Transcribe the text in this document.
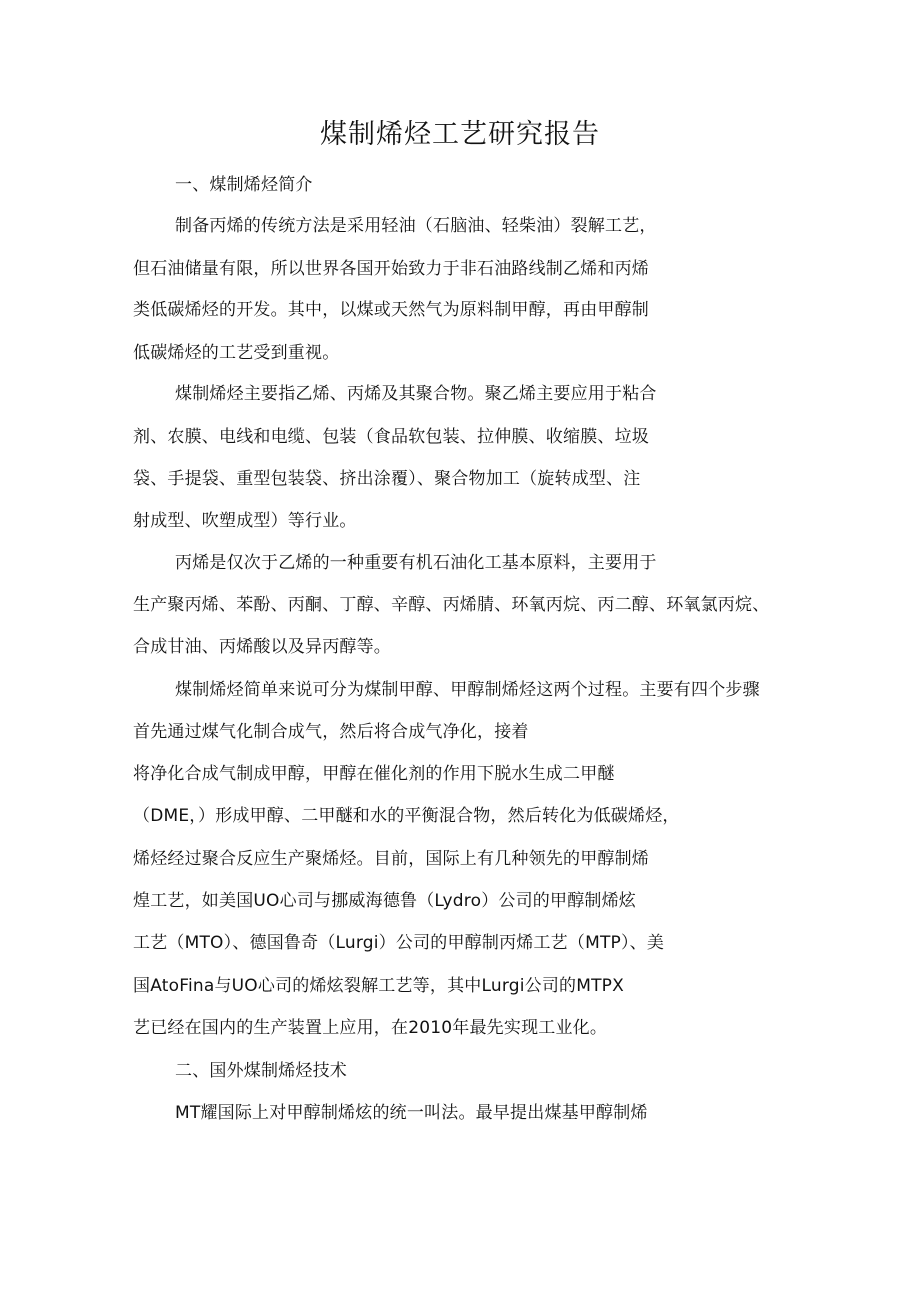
煤制烯烃工艺研究报告
一、煤制烯烃简介
制备丙烯的传统方法是采用轻油（石脑油、轻柴油）裂解工艺，
但石油储量有限，所以世界各国开始致力于非石油路线制乙烯和丙烯
类低碳烯烃的开发。其中，以煤或天然气为原料制甲醇，再由甲醇制
低碳烯烃的工艺受到重视。
煤制烯烃主要指乙烯、丙烯及其聚合物。聚乙烯主要应用于粘合
剂、农膜、电线和电缆、包装（食品软包装、拉伸膜、收缩膜、垃圾
袋、手提袋、重型包装袋、挤出涂覆）、聚合物加工（旋转成型、注
射成型、吹塑成型）等行业。
丙烯是仅次于乙烯的一种重要有机石油化工基本原料，主要用于
生产聚丙烯、苯酚、丙酮、丁醇、辛醇、丙烯腈、环氧丙烷、丙二醇、环氧氯丙烷、
合成甘油、丙烯酸以及异丙醇等。
煤制烯烃简单来说可分为煤制甲醇、甲醇制烯烃这两个过程。主要有四个步骤
首先通过煤气化制合成气，然后将合成气净化，接着
将净化合成气制成甲醇，甲醇在催化剂的作用下脱水生成二甲醚
（DME，）形成甲醇、二甲醚和水的平衡混合物，然后转化为低碳烯烃，
烯烃经过聚合反应生产聚烯烃。目前，国际上有几种领先的甲醇制烯
煌工艺，如美国UO心司与挪威海德鲁（Lydro）公司的甲醇制烯炫
工艺（MTO）、德国鲁奇（Lurgi）公司的甲醇制丙烯工艺（MTP）、美
国AtoFina与UO心司的烯炫裂解工艺等，其中Lurgi公司的MTPX
艺已经在国内的生产装置上应用，在2010年最先实现工业化。
二、国外煤制烯烃技术
MT耀国际上对甲醇制烯炫的统一叫法。最早提出煤基甲醇制烯
